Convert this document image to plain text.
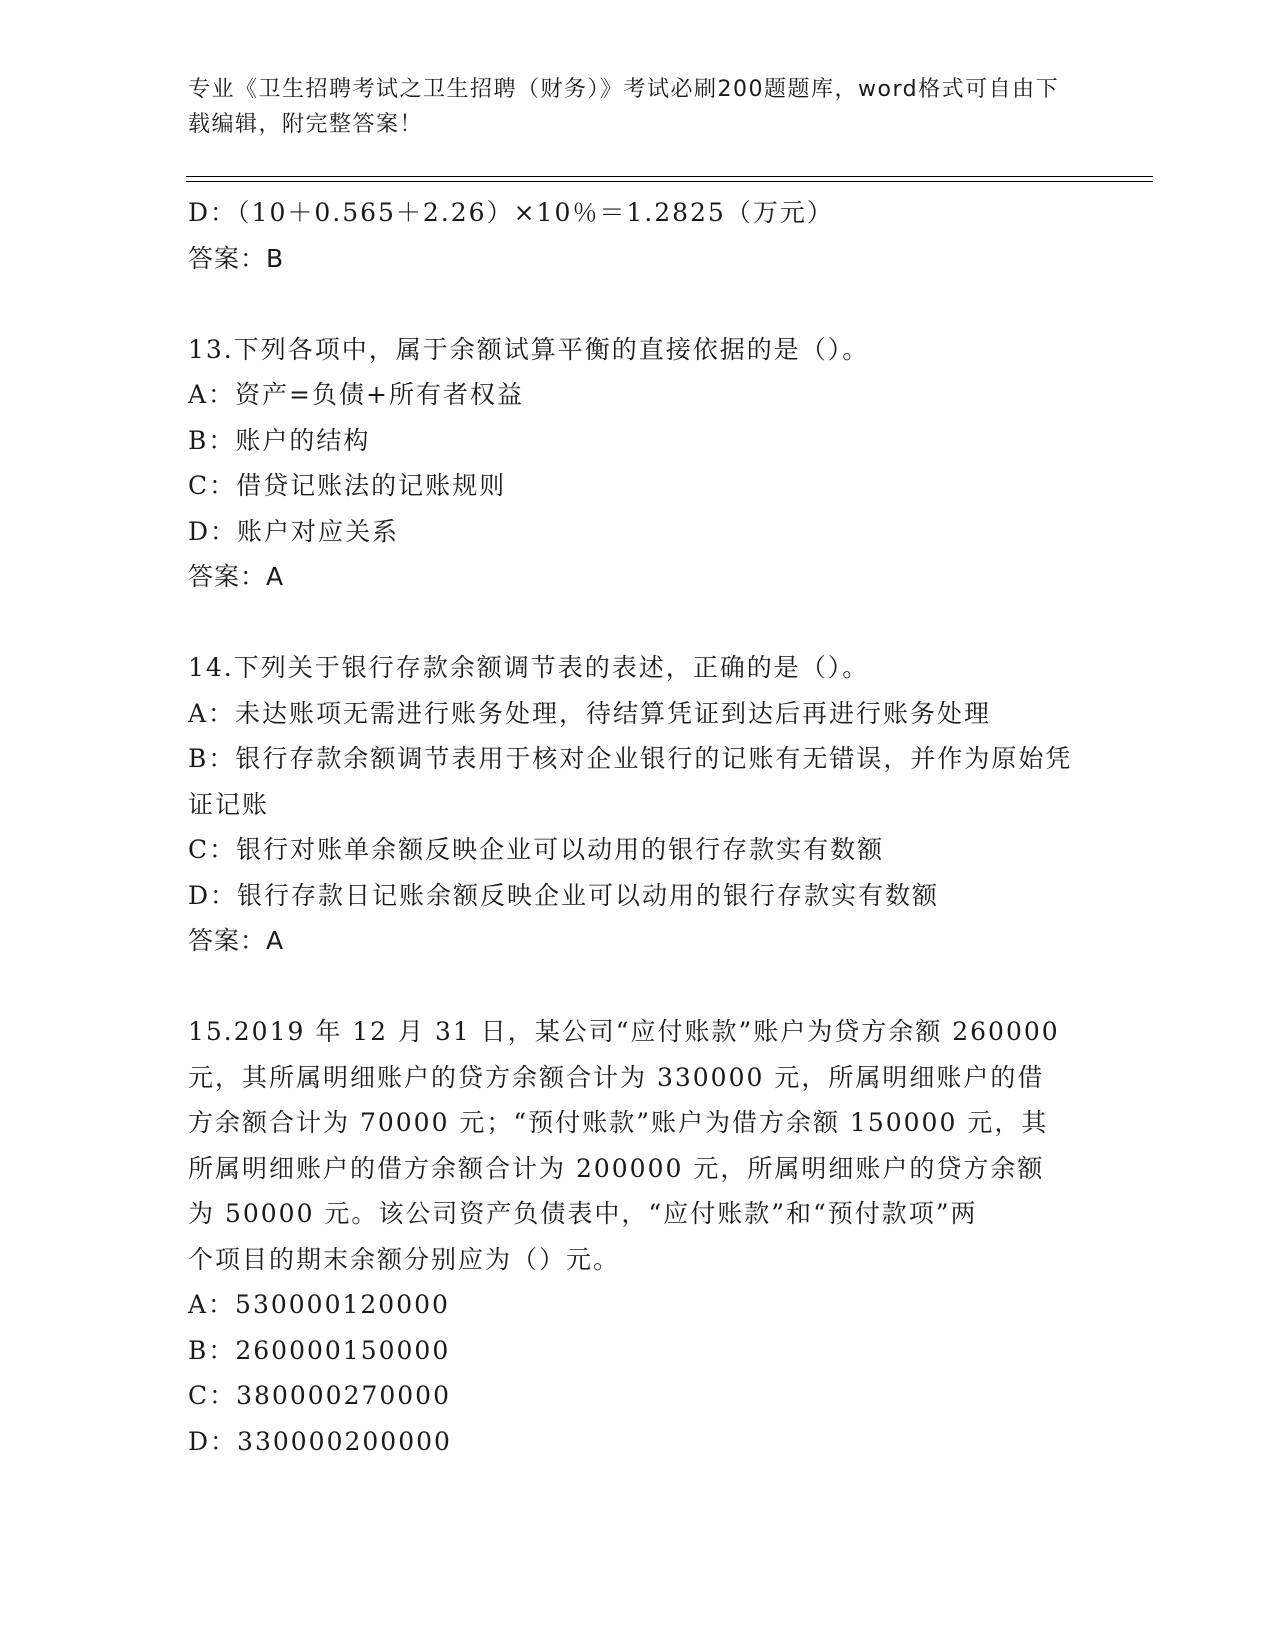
专业《卫生招聘考试之卫生招聘（财务）》考试必刷200题题库，word格式可自由下载编辑，附完整答案！
D：（10＋0.565＋2.26）×10％＝1.2825（万元）
答案：B
13.下列各项中，属于余额试算平衡的直接依据的是（）。
A：资产=负债+所有者权益
B：账户的结构
C：借贷记账法的记账规则
D：账户对应关系
答案：A
14.下列关于银行存款余额调节表的表述，正确的是（）。
A：未达账项无需进行账务处理，待结算凭证到达后再进行账务处理
B：银行存款余额调节表用于核对企业银行的记账有无错误，并作为原始凭证记账
C：银行对账单余额反映企业可以动用的银行存款实有数额
D：银行存款日记账余额反映企业可以动用的银行存款实有数额
答案：A
15.2019 年 12 月 31 日，某公司“应付账款”账户为贷方余额 260000
元，其所属明细账户的贷方余额合计为 330000 元，所属明细账户的借
方余额合计为 70000 元；“预付账款”账户为借方余额 150000 元，其
所属明细账户的借方余额合计为 200000 元，所属明细账户的贷方余额
为 50000 元。该公司资产负债表中，“应付账款”和“预付款项”两
个项目的期末余额分别应为（）元。
A：530000120000
B：260000150000
C：380000270000
D：330000200000
